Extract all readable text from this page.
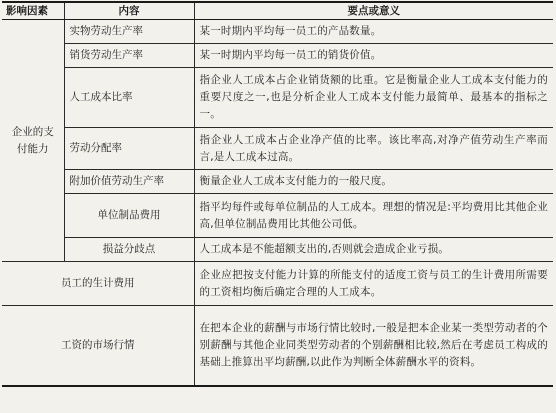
影响因素	内容	要点或意义
企业的支付能力	实物劳动生产率	某一时期内平均每一员工的产品数量。
	销货劳动生产率	某一时期内平均每一员工的销货价值。
	人工成本比率	指企业人工成本占企业销货额的比重。它是衡量企业人工成本支付能力的重要尺度之一,也是分析企业人工成本支付能力最简单、最基本的指标之一。
	劳动分配率	指企业人工成本占企业净产值的比率。该比率高,对净产值劳动生产率而言,是人工成本过高。
	附加价值劳动生产率	衡量企业人工成本支付能力的一般尺度。
	单位制品费用	指平均每件或每单位制品的人工成本。理想的情况是:平均费用比其他企业高,但单位制品费用比其他公司低。
	损益分歧点	人工成本是不能超额支出的,否则就会造成企业亏损。

员工的生计费用		企业应把按支付能力计算的所能支付的适度工资与员工的生计费用所需要的工资相均衡后确定合理的人工成本。
工资的市场行情		在把本企业的薪酬与市场行情比较时,一般是把本企业某一类型劳动者的个别薪酬与其他企业同类型劳动者的个别薪酬相比较,然后在考虑员工构成的基础上推算出平均薪酬,以此作为判断全体薪酬水平的资料。
